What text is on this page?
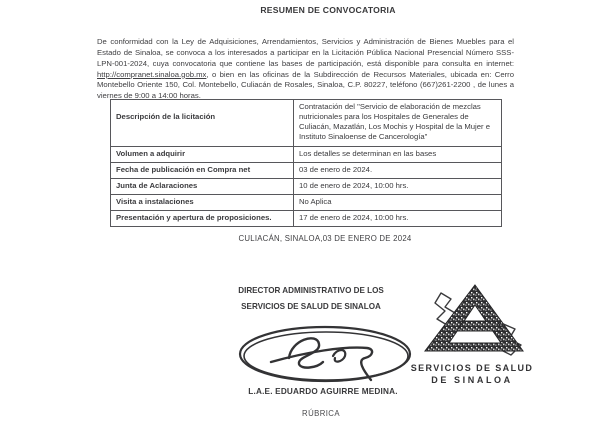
RESUMEN DE CONVOCATORIA

De conformidad con la Ley de Adquisiciones, Arrendamientos, Servicios y Administración de Bienes Muebles para el Estado de Sinaloa, se convoca a los interesados a participar en la Licitación Pública Nacional Presencial Número SSS-LPN-001-2024, cuya convocatoria que contiene las bases de participación, está disponible para consulta en internet: http://compranet.sinaloa.gob.mx, o bien en las oficinas de la Subdirección de Recursos Materiales, ubicada en: Cerro Montebello Oriente 150, Col. Montebello, Culiacán de Rosales, Sinaloa, C.P. 80227, teléfono (667)261-2200 , de lunes a viernes de 9:00 a 14:00 horas.

Descripción de la licitación	Contratación del "Servicio de elaboración de mezclas nutricionales para los Hospitales de Generales de Culiacán, Mazatlán, Los Mochis y Hospital de la Mujer e Instituto Sinaloense de Cancerología"
Volumen a adquirir	Los detalles se determinan en las bases
Fecha de publicación en Compra net	03 de enero de 2024.
Junta de Aclaraciones	10 de enero de 2024, 10:00 hrs.
Visita a instalaciones	No Aplica
Presentación y apertura de proposiciones.	17 de enero de 2024, 10:00 hrs.
CULIACÁN, SINALOA,03 DE ENERO DE 2024
DIRECTOR ADMINISTRATIVO DE LOS
SERVICIOS DE SALUD DE SINALOA
SERVICIOS DE SALUD
DE SINALOA
L.A.E. EDUARDO AGUIRRE MEDINA.
RÚBRICA
